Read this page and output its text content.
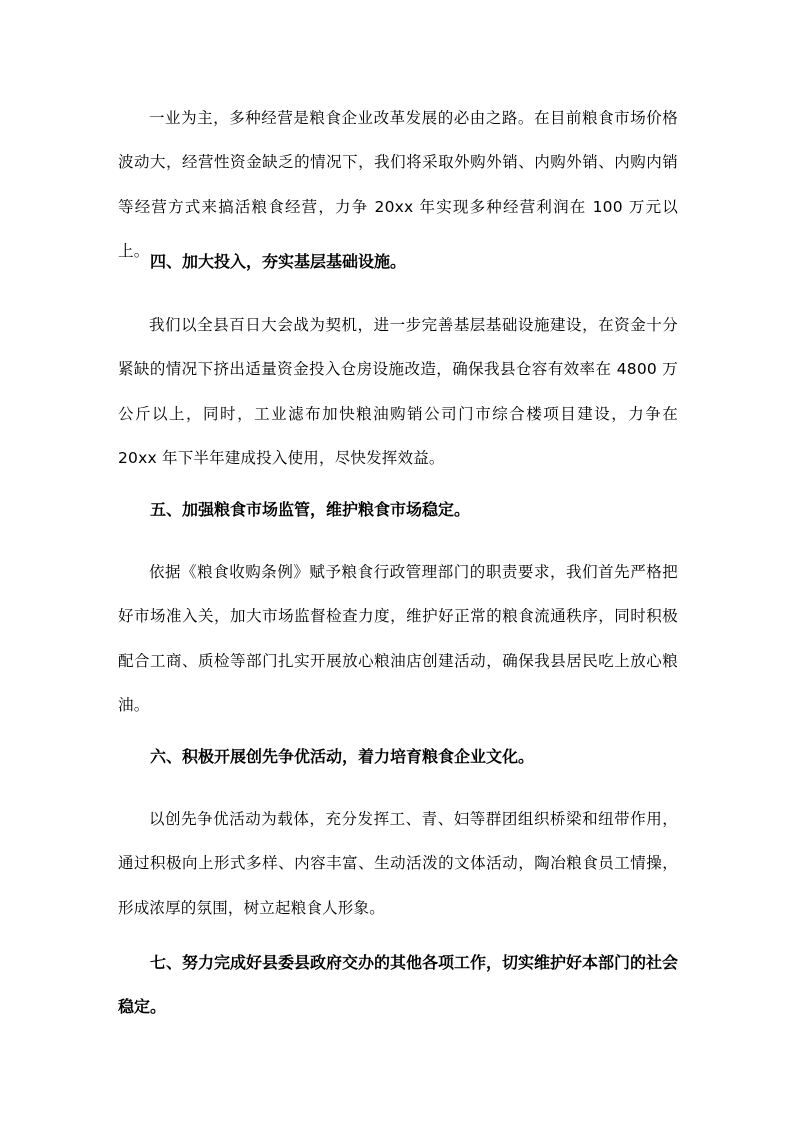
一业为主，多种经营是粮食企业改革发展的必由之路。在目前粮食市场价格波动大，经营性资金缺乏的情况下，我们将采取外购外销、内购外销、内购内销等经营方式来搞活粮食经营，力争 20xx 年实现多种经营利润在 100 万元以上。

四、加大投入，夯实基层基础设施。

我们以全县百日大会战为契机，进一步完善基层基础设施建设，在资金十分紧缺的情况下挤出适量资金投入仓房设施改造，确保我县仓容有效率在 4800 万公斤以上，同时，工业滤布加快粮油购销公司门市综合楼项目建设，力争在 20xx 年下半年建成投入使用，尽快发挥效益。

五、加强粮食市场监管，维护粮食市场稳定。

依据《粮食收购条例》赋予粮食行政管理部门的职责要求，我们首先严格把好市场准入关，加大市场监督检查力度，维护好正常的粮食流通秩序，同时积极配合工商、质检等部门扎实开展放心粮油店创建活动，确保我县居民吃上放心粮油。

六、积极开展创先争优活动，着力培育粮食企业文化。

以创先争优活动为载体，充分发挥工、青、妇等群团组织桥梁和纽带作用，通过积极向上形式多样、内容丰富、生动活泼的文体活动，陶冶粮食员工情操，形成浓厚的氛围，树立起粮食人形象。

七、努力完成好县委县政府交办的其他各项工作，切实维护好本部门的社会稳定。
